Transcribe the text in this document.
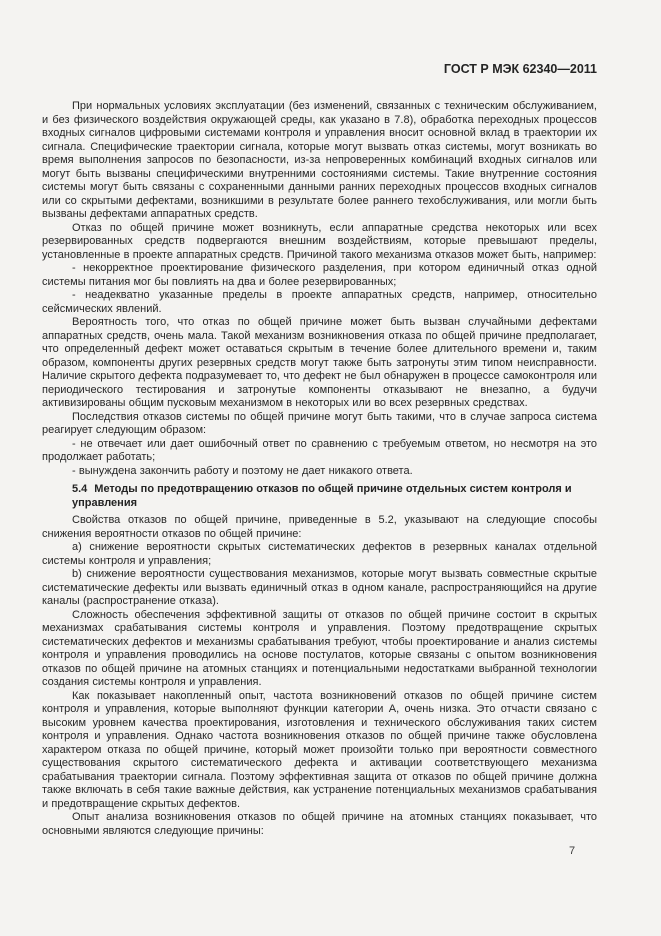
ГОСТ Р МЭК 62340—2011

При нормальных условиях эксплуатации (без изменений, связанных с техническим обслуживанием, и без физического воздействия окружающей среды, как указано в 7.8), обработка переходных процессов входных сигналов цифровыми системами контроля и управления вносит основной вклад в траектории их сигнала. Специфические траектории сигнала, которые могут вызвать отказ системы, могут возникать во время выполнения запросов по безопасности, из-за непроверенных комбинаций входных сигналов или могут быть вызваны специфическими внутренними состояниями системы. Такие внутренние состояния системы могут быть связаны с сохраненными данными ранних переходных процессов входных сигналов или со скрытыми дефектами, возникшими в результате более раннего техобслуживания, или могли быть вызваны дефектами аппаратных средств.

Отказ по общей причине может возникнуть, если аппаратные средства некоторых или всех резервированных средств подвергаются внешним воздействиям, которые превышают пределы, установленные в проекте аппаратных средств. Причиной такого механизма отказов может быть, например:

- некорректное проектирование физического разделения, при котором единичный отказ одной системы питания мог бы повлиять на два и более резервированных;

- неадекватно указанные пределы в проекте аппаратных средств, например, относительно сейсмических явлений.

Вероятность того, что отказ по общей причине может быть вызван случайными дефектами аппаратных средств, очень мала. Такой механизм возникновения отказа по общей причине предполагает, что определенный дефект может оставаться скрытым в течение более длительного времени и, таким образом, компоненты других резервных средств могут также быть затронуты этим типом неисправности. Наличие скрытого дефекта подразумевает то, что дефект не был обнаружен в процессе самоконтроля или периодического тестирования и затронутые компоненты отказывают не внезапно, а будучи активизированы общим пусковым механизмом в некоторых или во всех резервных средствах.

Последствия отказов системы по общей причине могут быть такими, что в случае запроса система реагирует следующим образом:

- не отвечает или дает ошибочный ответ по сравнению с требуемым ответом, но несмотря на это продолжает работать;

- вынуждена закончить работу и поэтому не дает никакого ответа.

5.4 Методы по предотвращению отказов по общей причине отдельных систем контроля и управления

Свойства отказов по общей причине, приведенные в 5.2, указывают на следующие способы снижения вероятности отказов по общей причине:

a) снижение вероятности скрытых систематических дефектов в резервных каналах отдельной системы контроля и управления;

b) снижение вероятности существования механизмов, которые могут вызвать совместные скрытые систематические дефекты или вызвать единичный отказ в одном канале, распространяющийся на другие каналы (распространение отказа).

Сложность обеспечения эффективной защиты от отказов по общей причине состоит в скрытых механизмах срабатывания системы контроля и управления. Поэтому предотвращение скрытых систематических дефектов и механизмы срабатывания требуют, чтобы проектирование и анализ системы контроля и управления проводились на основе постулатов, которые связаны с опытом возникновения отказов по общей причине на атомных станциях и потенциальными недостатками выбранной технологии создания системы контроля и управления.

Как показывает накопленный опыт, частота возникновений отказов по общей причине систем контроля и управления, которые выполняют функции категории А, очень низка. Это отчасти связано с высоким уровнем качества проектирования, изготовления и технического обслуживания таких систем контроля и управления. Однако частота возникновения отказов по общей причине также обусловлена характером отказа по общей причине, который может произойти только при вероятности совместного существования скрытого систематического дефекта и активации соответствующего механизма срабатывания траектории сигнала. Поэтому эффективная защита от отказов по общей причине должна также включать в себя такие важные действия, как устранение потенциальных механизмов срабатывания и предотвращение скрытых дефектов.

Опыт анализа возникновения отказов по общей причине на атомных станциях показывает, что основными являются следующие причины:

7
